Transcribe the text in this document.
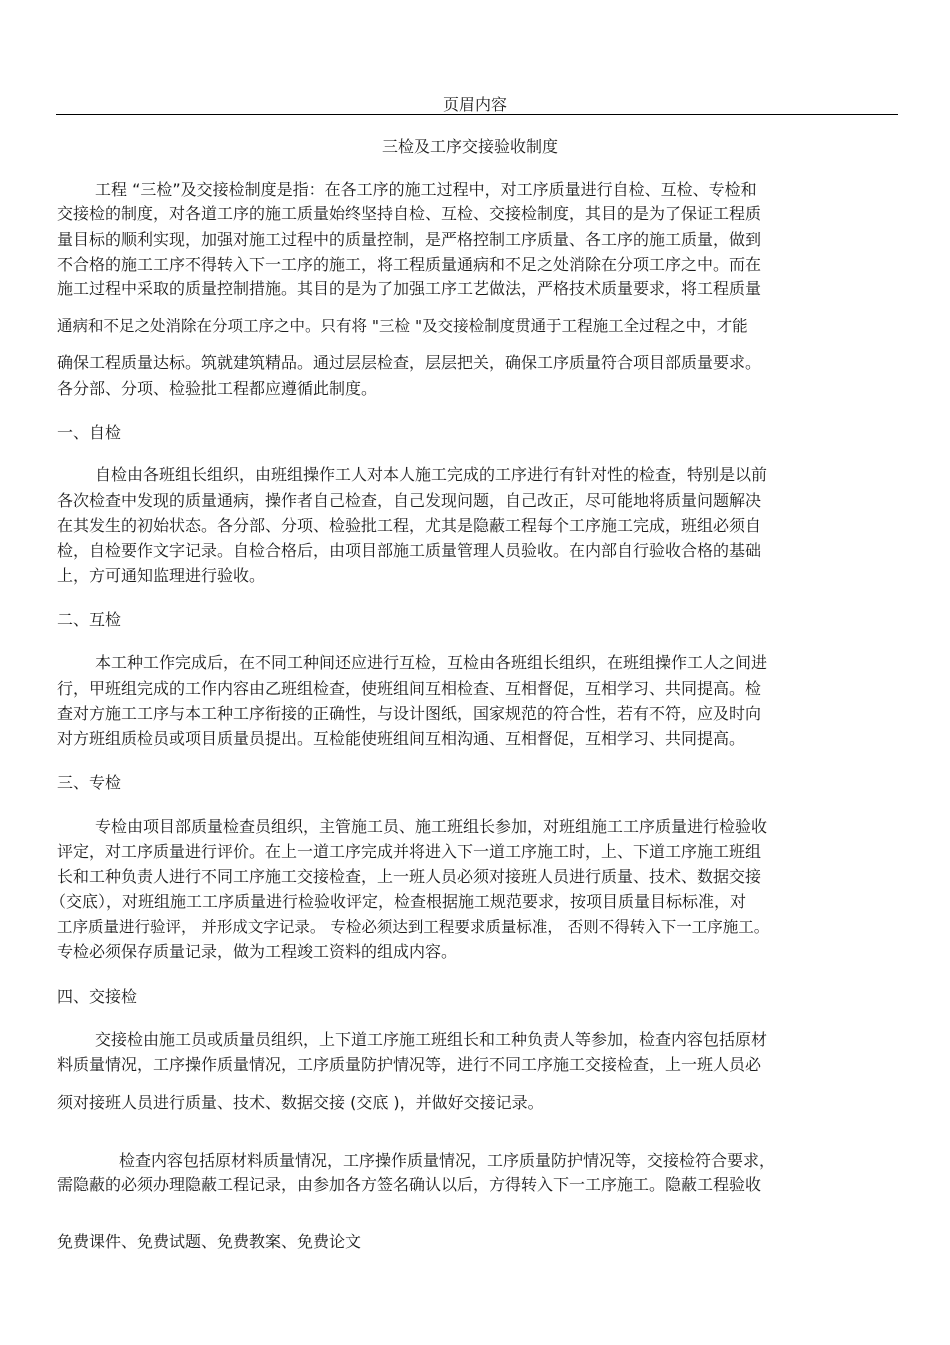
页眉内容
三检及工序交接验收制度
工程 “三检”及交接检制度是指：在各工序的施工过程中，对工序质量进行自检、互检、专检和
交接检的制度，对各道工序的施工质量始终坚持自检、互检、交接检制度，其目的是为了保证工程质
量目标的顺利实现，加强对施工过程中的质量控制，是严格控制工序质量、各工序的施工质量，做到
不合格的施工工序不得转入下一工序的施工，将工程质量通病和不足之处消除在分项工序之中。而在
施工过程中采取的质量控制措施。其目的是为了加强工序工艺做法，严格技术质量要求，将工程质量
通病和不足之处消除在分项工序之中。只有将 "三检 "及交接检制度贯通于工程施工全过程之中，才能
确保工程质量达标。筑就建筑精品。通过层层检查，层层把关，确保工序质量符合项目部质量要求。
各分部、分项、检验批工程都应遵循此制度。
一、自检
自检由各班组长组织，由班组操作工人对本人施工完成的工序进行有针对性的检查，特别是以前
各次检查中发现的质量通病，操作者自己检查，自己发现问题，自己改正，尽可能地将质量问题解决
在其发生的初始状态。各分部、分项、检验批工程，尤其是隐蔽工程每个工序施工完成，班组必须自
检，自检要作文字记录。自检合格后，由项目部施工质量管理人员验收。在内部自行验收合格的基础
上，方可通知监理进行验收。
二、互检
本工种工作完成后，在不同工种间还应进行互检，互检由各班组长组织，在班组操作工人之间进
行，甲班组完成的工作内容由乙班组检查，使班组间互相检查、互相督促，互相学习、共同提高。检
查对方施工工序与本工种工序衔接的正确性，与设计图纸，国家规范的符合性，若有不符，应及时向
对方班组质检员或项目质量员提出。互检能使班组间互相沟通、互相督促，互相学习、共同提高。
三、专检
专检由项目部质量检查员组织，主管施工员、施工班组长参加，对班组施工工序质量进行检验收
评定，对工序质量进行评价。在上一道工序完成并将进入下一道工序施工时，上、下道工序施工班组
长和工种负责人进行不同工序施工交接检查，上一班人员必须对接班人员进行质量、技术、数据交接
（交底），对班组施工工序质量进行检验收评定，检查根据施工规范要求，按项目质量目标标准，对
工序质量进行验评， 并形成文字记录。 专检必须达到工程要求质量标准， 否则不得转入下一工序施工。
专检必须保存质量记录，做为工程竣工资料的组成内容。
四、交接检
交接检由施工员或质量员组织，上下道工序施工班组长和工种负责人等参加，检查内容包括原材
料质量情况，工序操作质量情况，工序质量防护情况等，进行不同工序施工交接检查，上一班人员必
须对接班人员进行质量、技术、数据交接 (交底 )，并做好交接记录。
检查内容包括原材料质量情况，工序操作质量情况，工序质量防护情况等，交接检符合要求，
需隐蔽的必须办理隐蔽工程记录，由参加各方签名确认以后，方得转入下一工序施工。隐蔽工程验收
免费课件、免费试题、免费教案、免费论文
